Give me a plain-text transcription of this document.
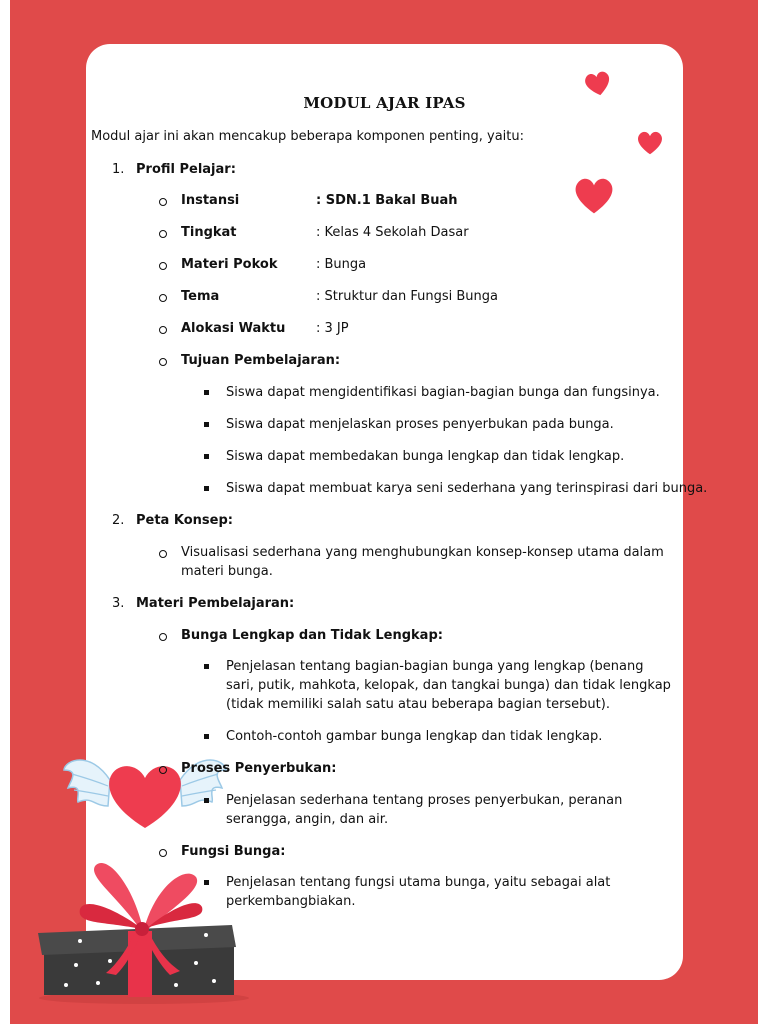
MODUL AJAR IPAS
Modul ajar ini akan mencakup beberapa komponen penting, yaitu:
1. Profil Pelajar:
Instansi	: SDN.1 Bakal Buah
Tingkat	: Kelas 4 Sekolah Dasar
Materi Pokok	: Bunga
Tema	: Struktur dan Fungsi Bunga
Alokasi Waktu : 3 JP
Tujuan Pembelajaran:
Siswa dapat mengidentifikasi bagian-bagian bunga dan fungsinya.
Siswa dapat menjelaskan proses penyerbukan pada bunga.
Siswa dapat membedakan bunga lengkap dan tidak lengkap.
Siswa dapat membuat karya seni sederhana yang terinspirasi dari bunga.
2. Peta Konsep:
Visualisasi sederhana yang menghubungkan konsep-konsep utama dalam materi bunga.
3. Materi Pembelajaran:
Bunga Lengkap dan Tidak Lengkap:
Penjelasan tentang bagian-bagian bunga yang lengkap (benang sari, putik, mahkota, kelopak, dan tangkai bunga) dan tidak lengkap (tidak memiliki salah satu atau beberapa bagian tersebut).
Contoh-contoh gambar bunga lengkap dan tidak lengkap.
Proses Penyerbukan:
Penjelasan sederhana tentang proses penyerbukan, peranan serangga, angin, dan air.
Fungsi Bunga:
Penjelasan tentang fungsi utama bunga, yaitu sebagai alat perkembangbiakan.
